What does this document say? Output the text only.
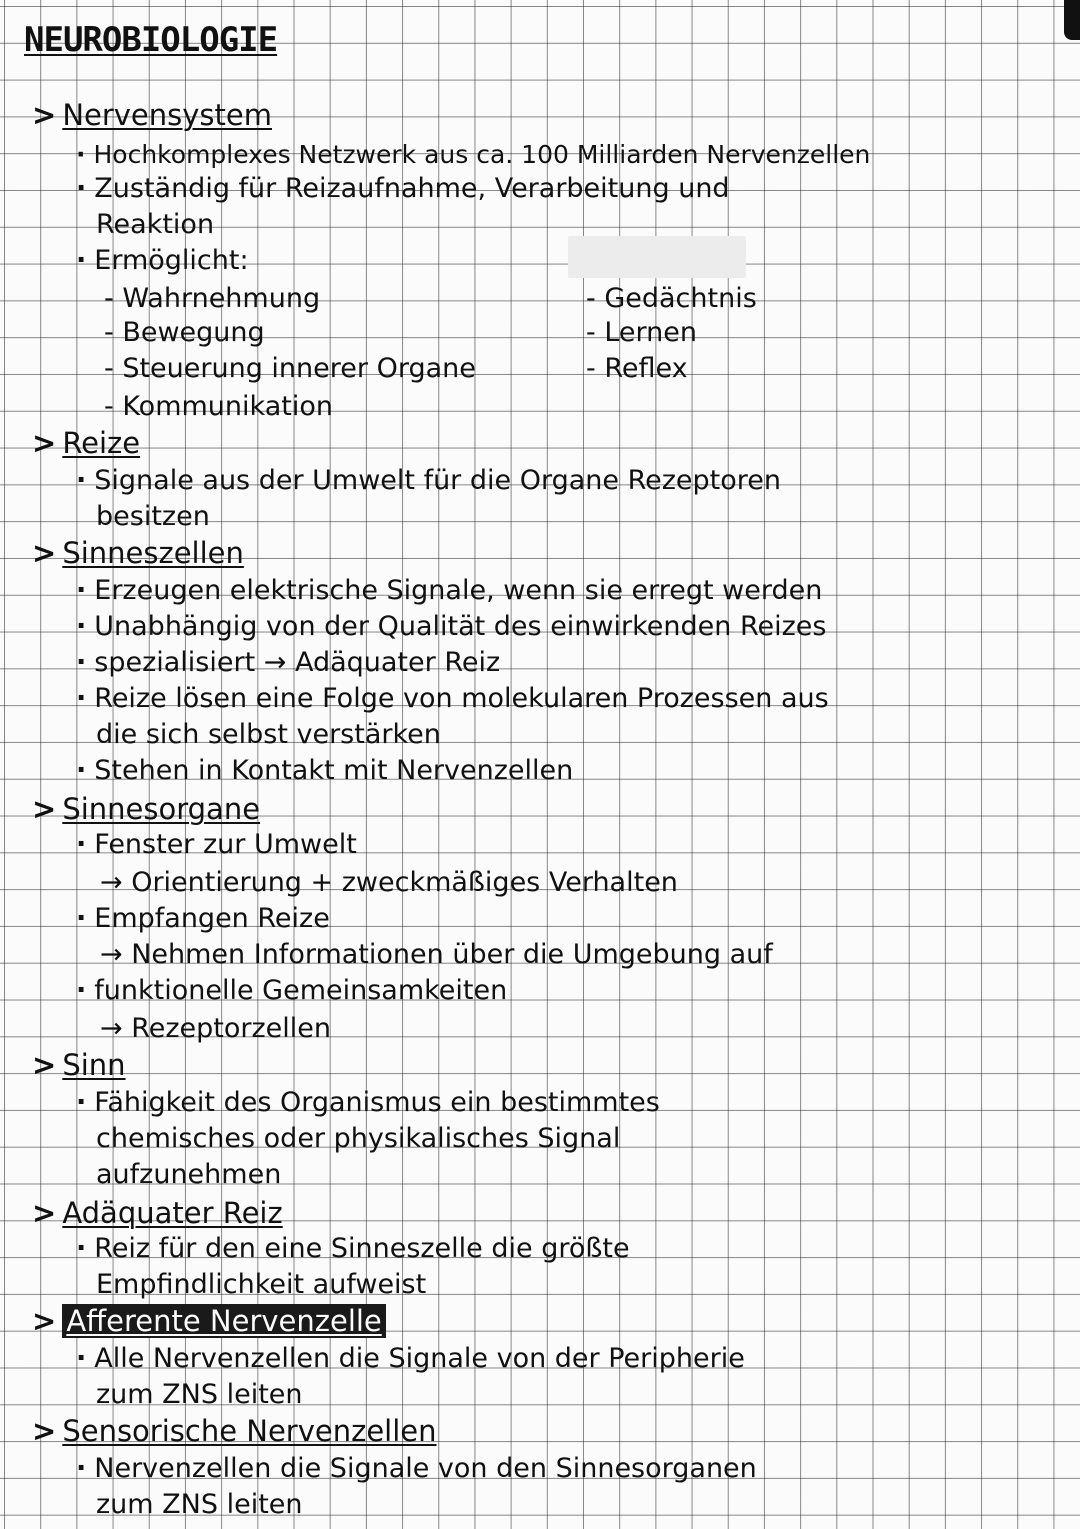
NEUROBIOLOGIE
> Nervensystem
· Hochkomplexes Netzwerk aus ca. 100 Milliarden Nervenzellen
· Zuständig für Reizaufnahme, Verarbeitung und
Reaktion
· Ermöglicht:
- Wahrnehmung
- Bewegung
- Steuerung innerer Organe
- Kommunikation
- Gedächtnis
- Lernen
- Reflex
> Reize
· Signale aus der Umwelt für die Organe Rezeptoren
besitzen
> Sinneszellen
· Erzeugen elektrische Signale, wenn sie erregt werden
· Unabhängig von der Qualität des einwirkenden Reizes
· spezialisiert → Adäquater Reiz
· Reize lösen eine Folge von molekularen Prozessen aus
die sich selbst verstärken
· Stehen in Kontakt mit Nervenzellen
> Sinnesorgane
· Fenster zur Umwelt
→ Orientierung + zweckmäßiges Verhalten
· Empfangen Reize
→ Nehmen Informationen über die Umgebung auf
· funktionelle Gemeinsamkeiten
→ Rezeptorzellen
> Sinn
· Fähigkeit des Organismus ein bestimmtes
chemisches oder physikalisches Signal
aufzunehmen
> Adäquater Reiz
· Reiz für den eine Sinneszelle die größte
Empfindlichkeit aufweist
> Afferente Nervenzelle
· Alle Nervenzellen die Signale von der Peripherie
zum ZNS leiten
> Sensorische Nervenzellen
· Nervenzellen die Signale von den Sinnesorganen
zum ZNS leiten
